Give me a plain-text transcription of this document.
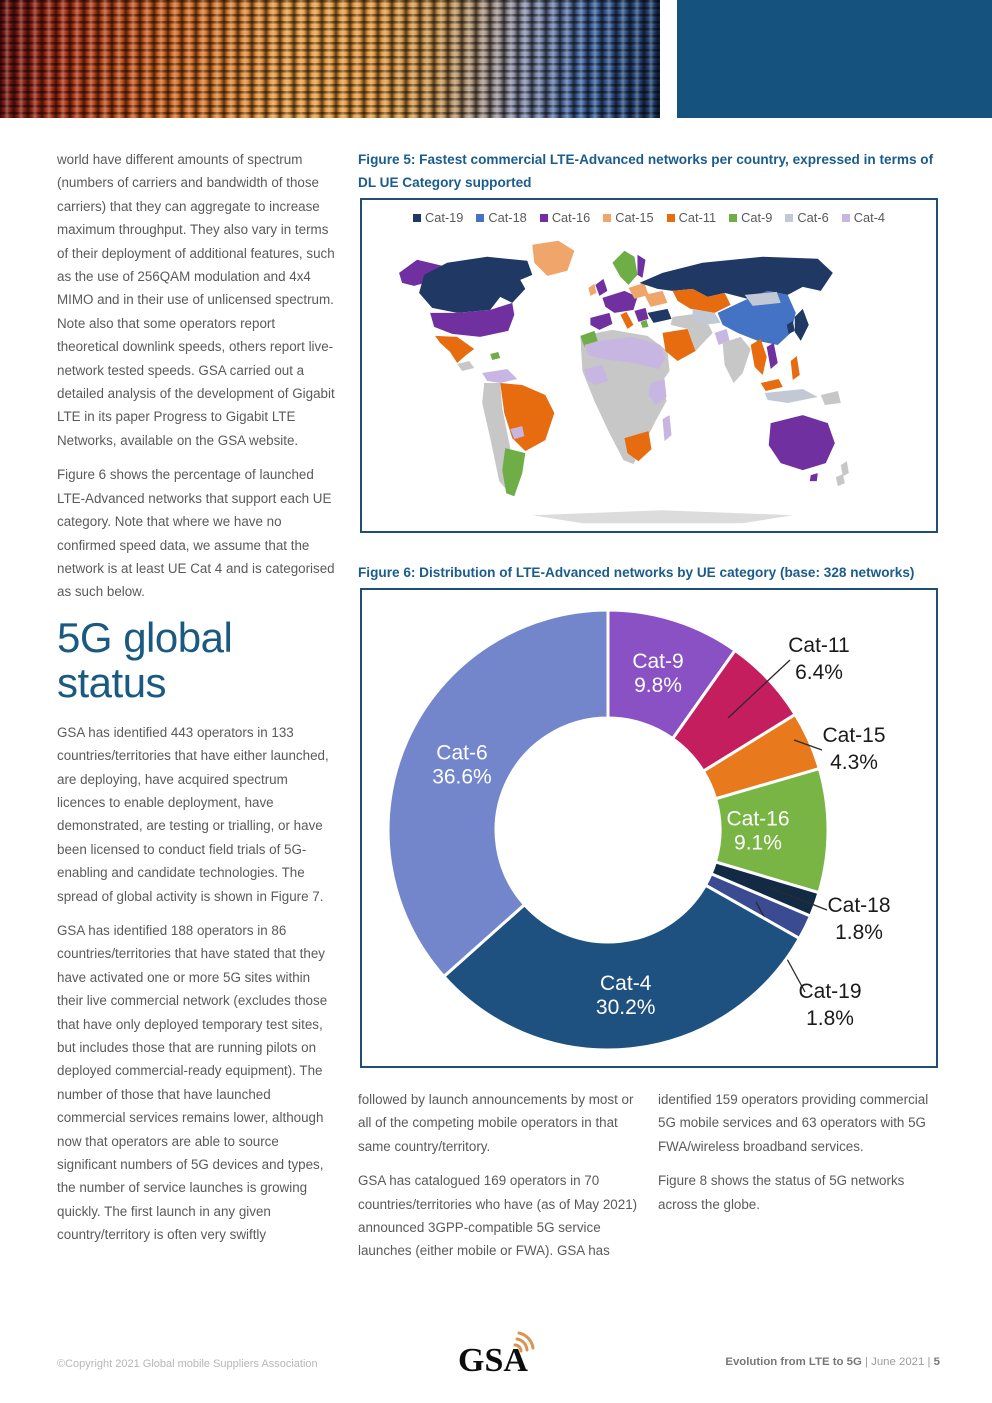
world have different amounts of spectrum (numbers of carriers and bandwidth of those carriers) that they can aggregate to increase maximum throughput. They also vary in terms of their deployment of additional features, such as the use of 256QAM modulation and 4x4 MIMO and in their use of unlicensed spectrum. Note also that some operators report theoretical downlink speeds, others report live-network tested speeds. GSA carried out a detailed analysis of the development of Gigabit LTE in its paper Progress to Gigabit LTE Networks, available on the GSA website.

Figure 6 shows the percentage of launched LTE-Advanced networks that support each UE category. Note that where we have no confirmed speed data, we assume that the network is at least UE Cat 4 and is categorised as such below.

5G global status

GSA has identified 443 operators in 133 countries/territories that have either launched, are deploying, have acquired spectrum licences to enable deployment, have demonstrated, are testing or trialling, or have been licensed to conduct field trials of 5G-enabling and candidate technologies. The spread of global activity is shown in Figure 7.

GSA has identified 188 operators in 86 countries/territories that have stated that they have activated one or more 5G sites within their live commercial network (excludes those that have only deployed temporary test sites, but includes those that are running pilots on deployed commercial-ready equipment). The number of those that have launched commercial services remains lower, although now that operators are able to source significant numbers of 5G devices and types, the number of service launches is growing quickly. The first launch in any given country/territory is often very swiftly

Figure 5: Fastest commercial LTE-Advanced networks per country, expressed in terms of DL UE Category supported
Cat-19 Cat-18 Cat-16 Cat-15 Cat-11 Cat-9 Cat-6 Cat-4
Figure 6: Distribution of LTE-Advanced networks by UE category (base: 328 networks)
Cat-9
9.8%
Cat-11
6.4%
Cat-15
4.3%
Cat-16
9.1%
Cat-18
1.8%
Cat-19
1.8%
Cat-4
30.2%
Cat-6
36.6%

followed by launch announcements by most or all of the competing mobile operators in that same country/territory.

GSA has catalogued 169 operators in 70 countries/territories who have (as of May 2021) announced 3GPP-compatible 5G service launches (either mobile or FWA). GSA has

identified 159 operators providing commercial 5G mobile services and 63 operators with 5G FWA/wireless broadband services.

Figure 8 shows the status of 5G networks across the globe.

©Copyright 2021 Global mobile Suppliers Association	GSA	Evolution from LTE to 5G | June 2021 | 5
